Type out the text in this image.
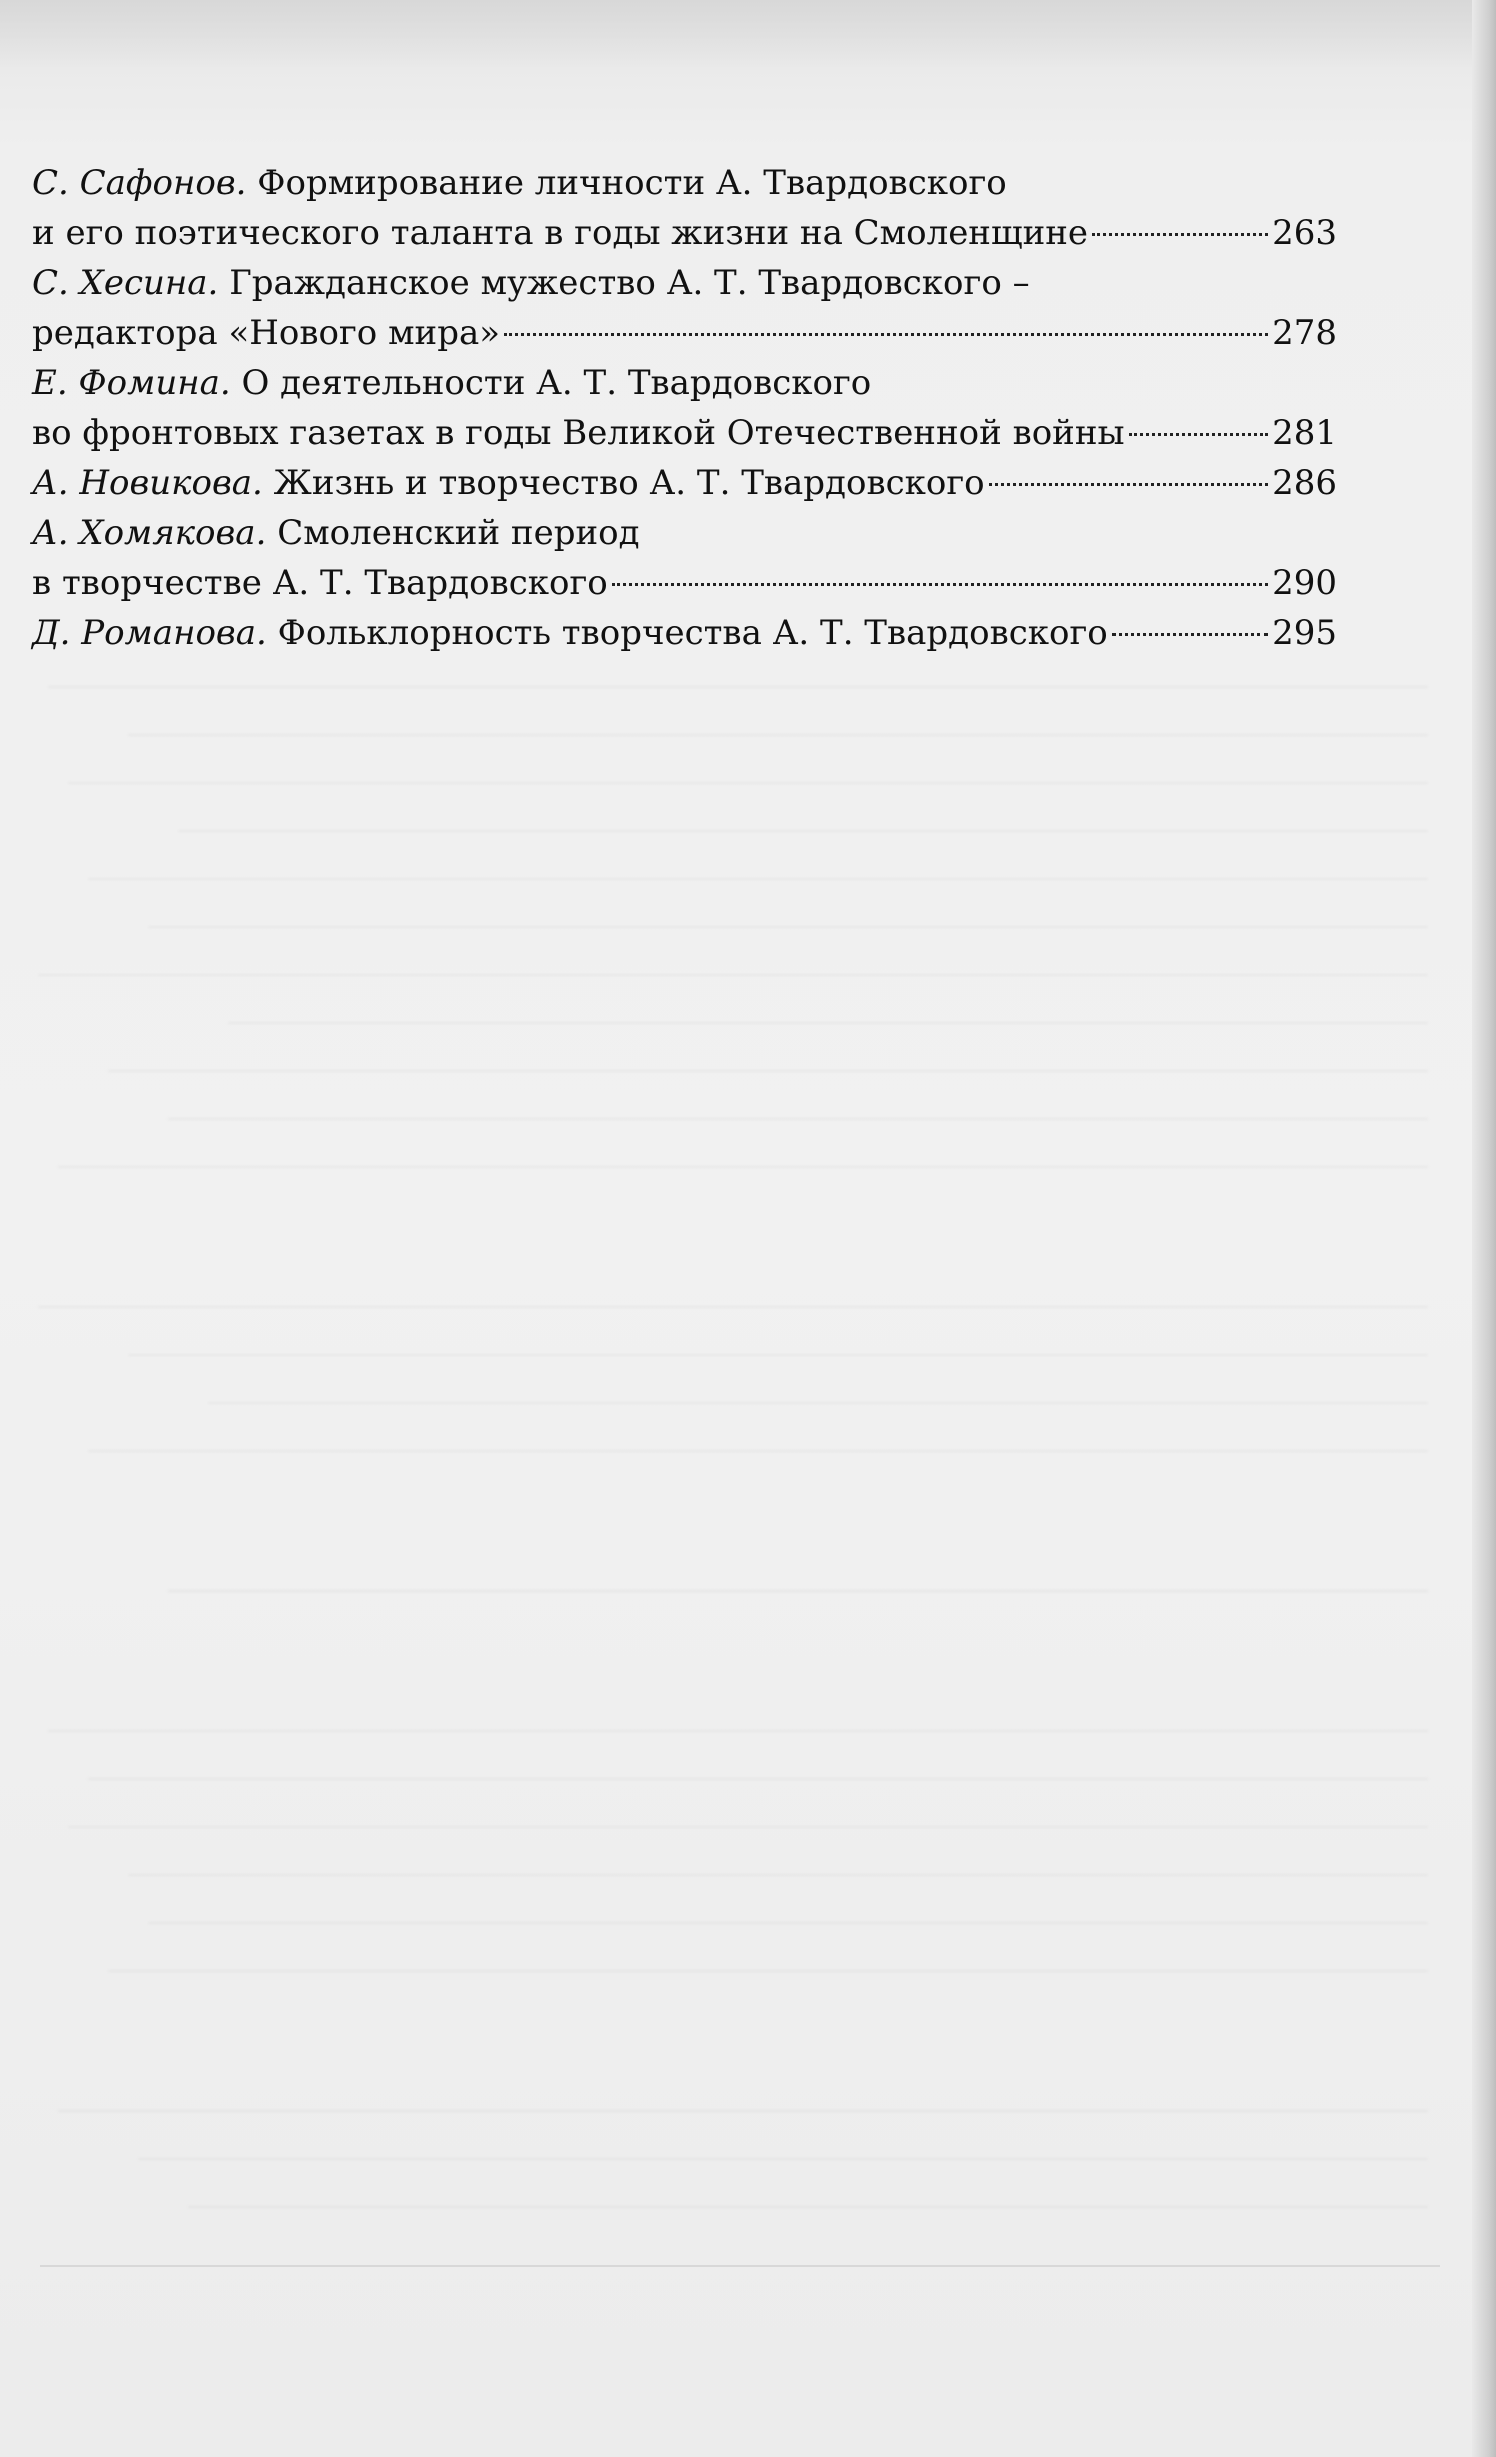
С. Сафонов.
Формирование личности А. Твардовского
и его поэтического таланта в годы жизни на Смоленщине	263
С. Хесина.
Гражданское мужество А. Т. Твардовского –
редактора «Нового мира»	278
Е. Фомина.
О деятельности А. Т. Твардовского
во фронтовых газетах в годы Великой Отечественной войны	281
А. Новикова.
Жизнь и творчество А. Т. Твардовского	286
А. Хомякова.
Смоленский период
в творчестве А. Т. Твардовского	290
Д. Романова.
Фольклорность творчества А. Т. Твардовского	295
